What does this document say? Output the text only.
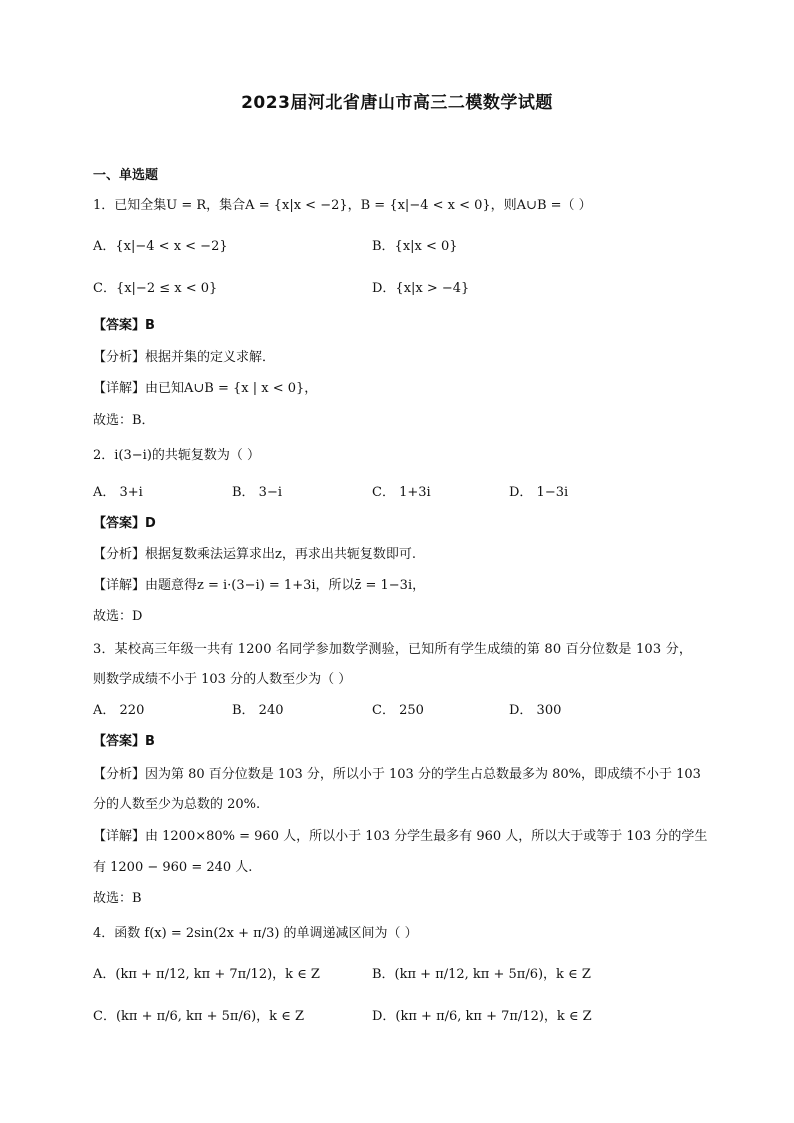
2023届河北省唐山市高三二模数学试题
一、单选题
1．已知全集U = R，集合A = {x|x < −2}，B = {x|−4 < x < 0}，则A∪B =（ ）
A．{x|−4 < x < −2}	B．{x|x < 0}
C．{x|−2 ≤ x < 0}	D．{x|x > −4}
【答案】B
【分析】根据并集的定义求解．
【详解】由已知A∪B = {x | x < 0}，
故选：B．
2．i(3−i)的共轭复数为（ ）
A． 3+i	B． 3−i	C． 1+3i	D． 1−3i
【答案】D
【分析】根据复数乘法运算求出z，再求出共轭复数即可.
【详解】由题意得z = i·(3−i) = 1+3i，所以z̄ = 1−3i，
故选：D
3．某校高三年级一共有 1200 名同学参加数学测验，已知所有学生成绩的第 80 百分位数是 103 分，
则数学成绩不小于 103 分的人数至少为（ ）
A． 220	B． 240	C． 250	D． 300
【答案】B
【分析】因为第 80 百分位数是 103 分，所以小于 103 分的学生占总数最多为 80%，即成绩不小于 103
分的人数至少为总数的 20%.
【详解】由 1200×80% = 960 人，所以小于 103 分学生最多有 960 人，所以大于或等于 103 分的学生
有 1200 − 960 = 240 人.
故选：B
4．函数 f(x) = 2sin(2x + π/3) 的单调递减区间为（ ）
A．(kπ + π/12, kπ + 7π/12)，k ∈ Z	B．(kπ + π/12, kπ + 5π/6)，k ∈ Z
C．(kπ + π/6, kπ + 5π/6)，k ∈ Z	D．(kπ + π/6, kπ + 7π/12)，k ∈ Z
